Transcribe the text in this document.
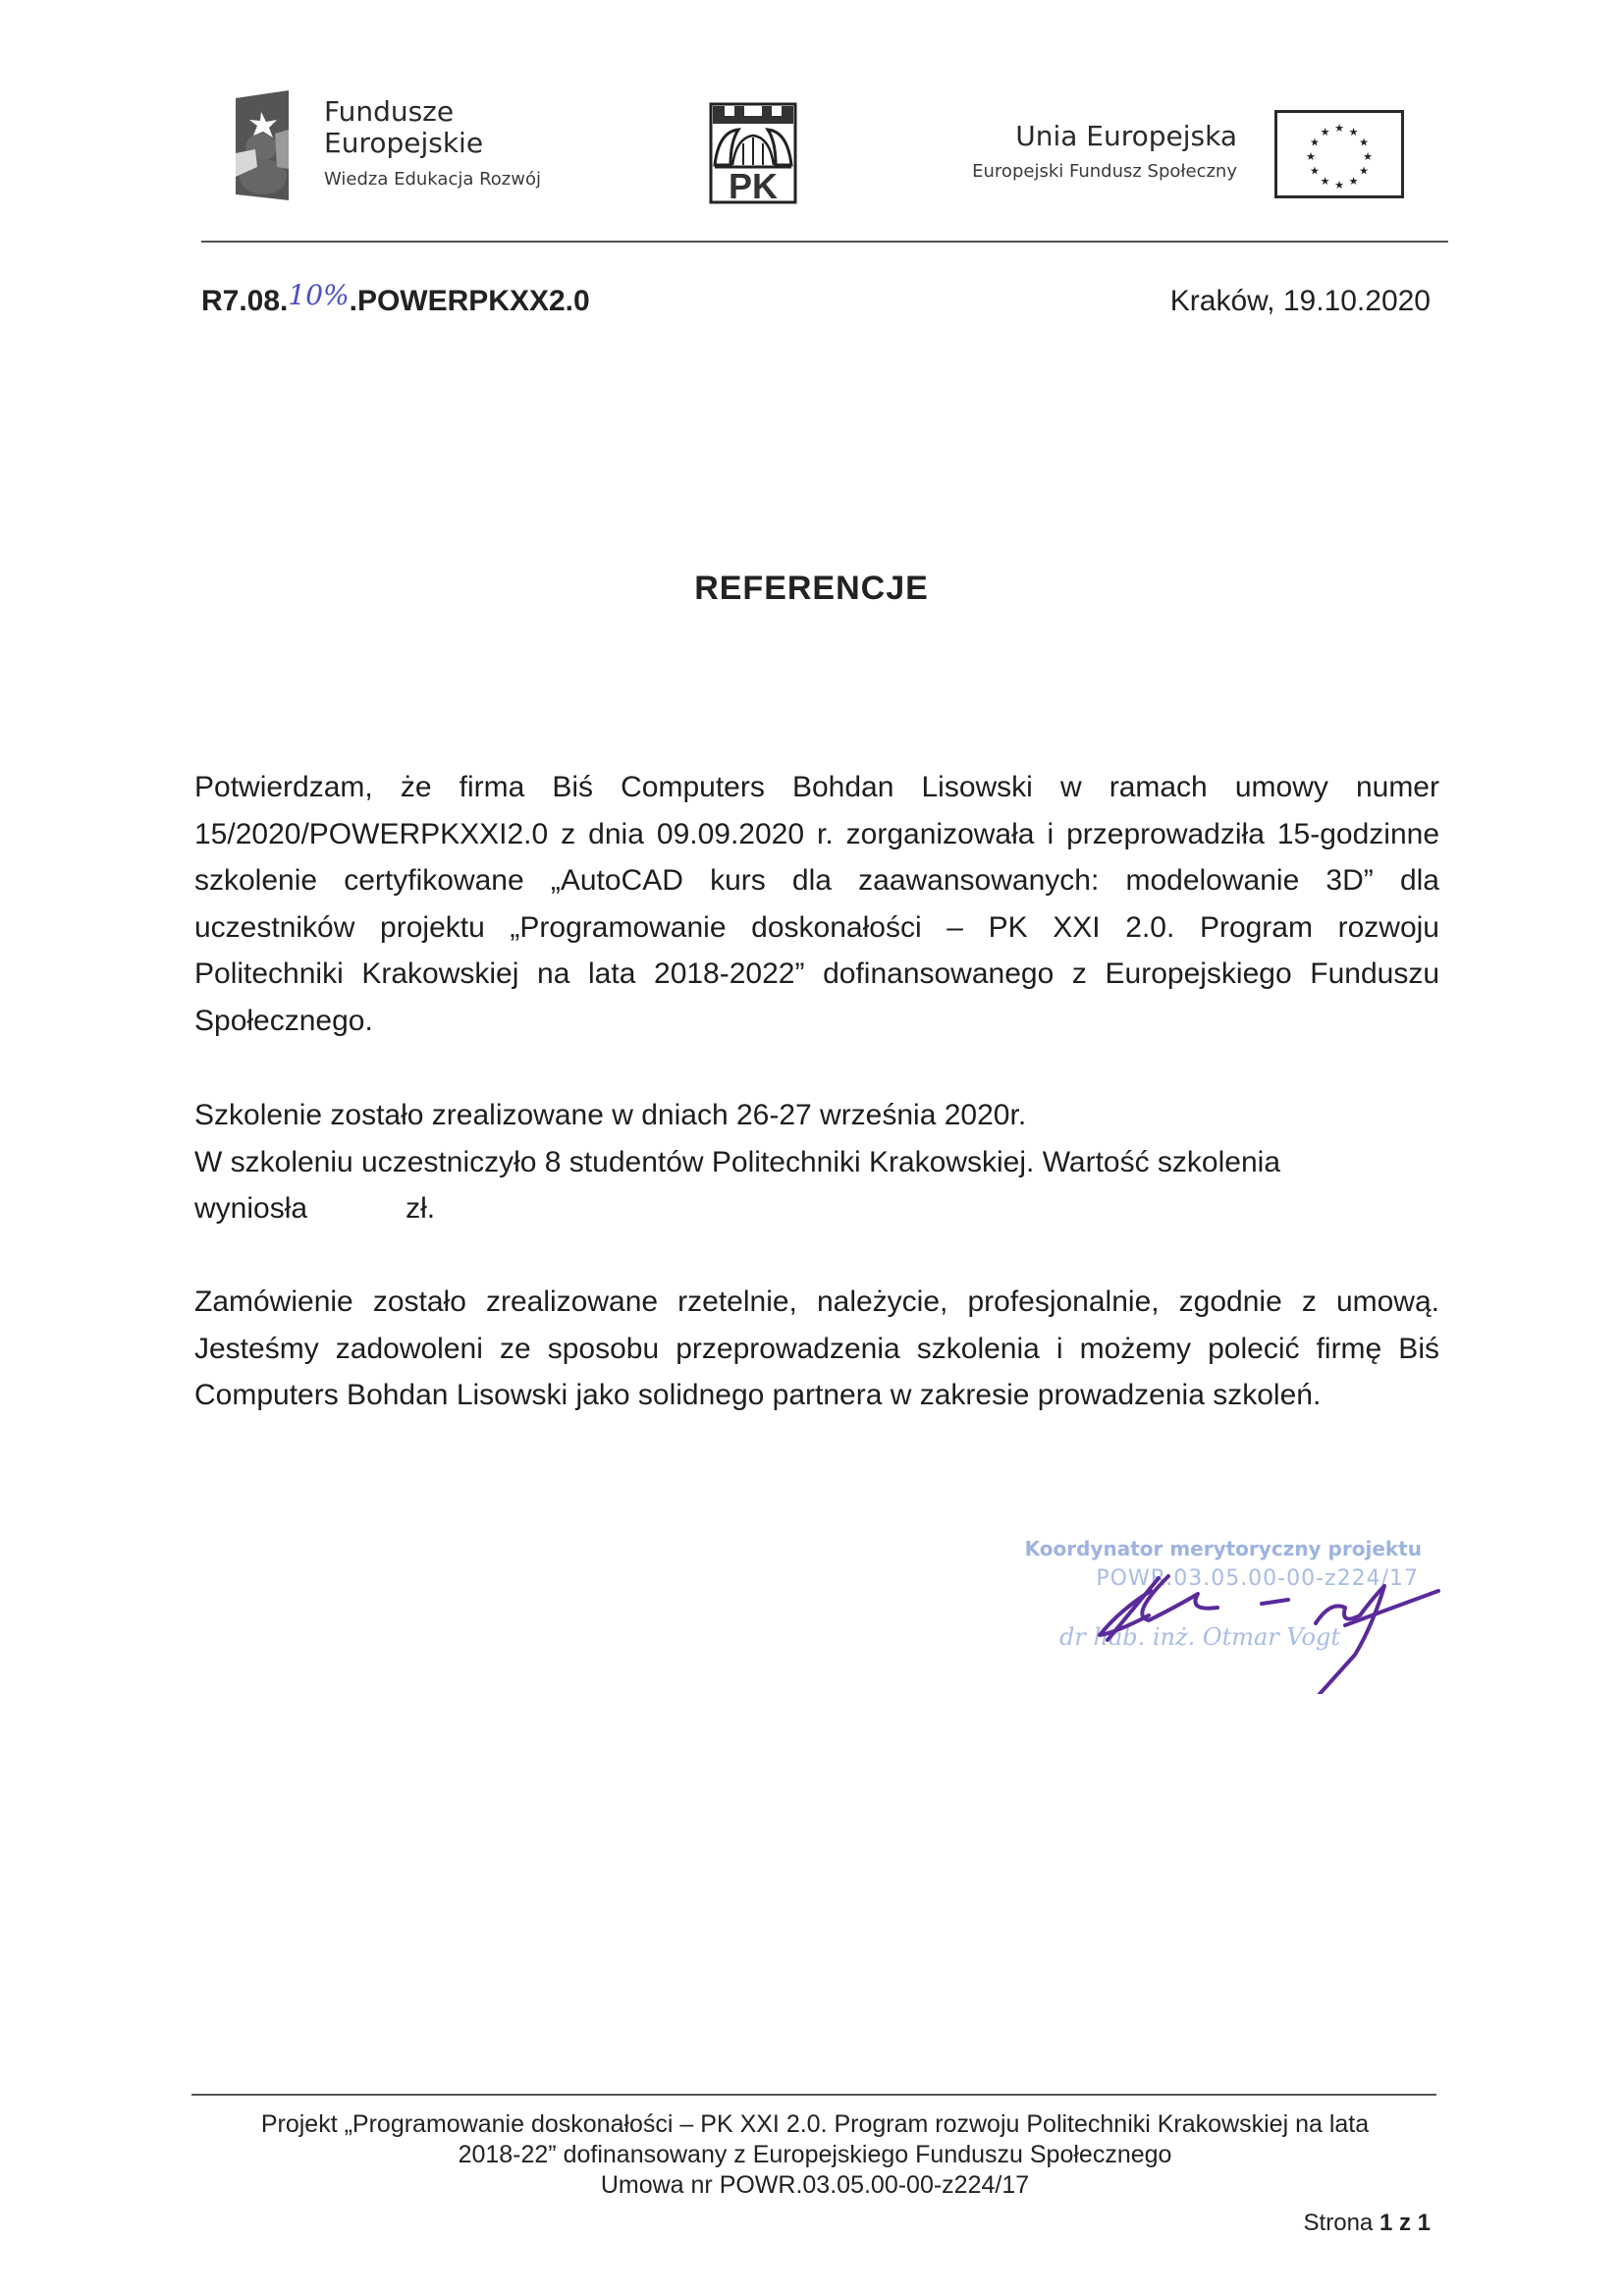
Fundusze
Europejskie
Wiedza Edukacja Rozwój	PK
Unia Europejska
Europejski Fundusz Społeczny
★ ★
★
★
★
★
★
★
★
★
★
★
R7.08.10%.POWERPKXX2.0	Kraków, 19.10.2020
REFERENCJE

Potwierdzam, że firma Biś Computers Bohdan Lisowski w ramach umowy numer 15/2020/POWERPKXXI2.0 z dnia 09.09.2020 r. zorganizowała i przeprowadziła 15-godzinne szkolenie certyfikowane „AutoCAD kurs dla zaawansowanych: modelowanie 3D” dla uczestników projektu „Programowanie doskonałości – PK XXI 2.0. Program rozwoju Politechniki Krakowskiej na lata 2018-2022” dofinansowanego z Europejskiego Funduszu Społecznego.

Szkolenie zostało zrealizowane w dniach 26-27 września 2020r.
W szkoleniu uczestniczyło 8 studentów Politechniki Krakowskiej. Wartość szkolenia
wyniosła	zł.

Zamówienie zostało zrealizowane rzetelnie, należycie, profesjonalnie, zgodnie z umową. Jesteśmy zadowoleni ze sposobu przeprowadzenia szkolenia i możemy polecić firmę Biś Computers Bohdan Lisowski jako solidnego partnera w zakresie prowadzenia szkoleń.

Koordynator merytoryczny projektu
POWR.03.05.00-00-z224/17
dr hab. inż. Otmar Vogt
Projekt „Programowanie doskonałości – PK XXI 2.0. Program rozwoju Politechniki Krakowskiej na lata
2018-22” dofinansowany z Europejskiego Funduszu Społecznego
Umowa nr POWR.03.05.00-00-z224/17
Strona 1 z 1
